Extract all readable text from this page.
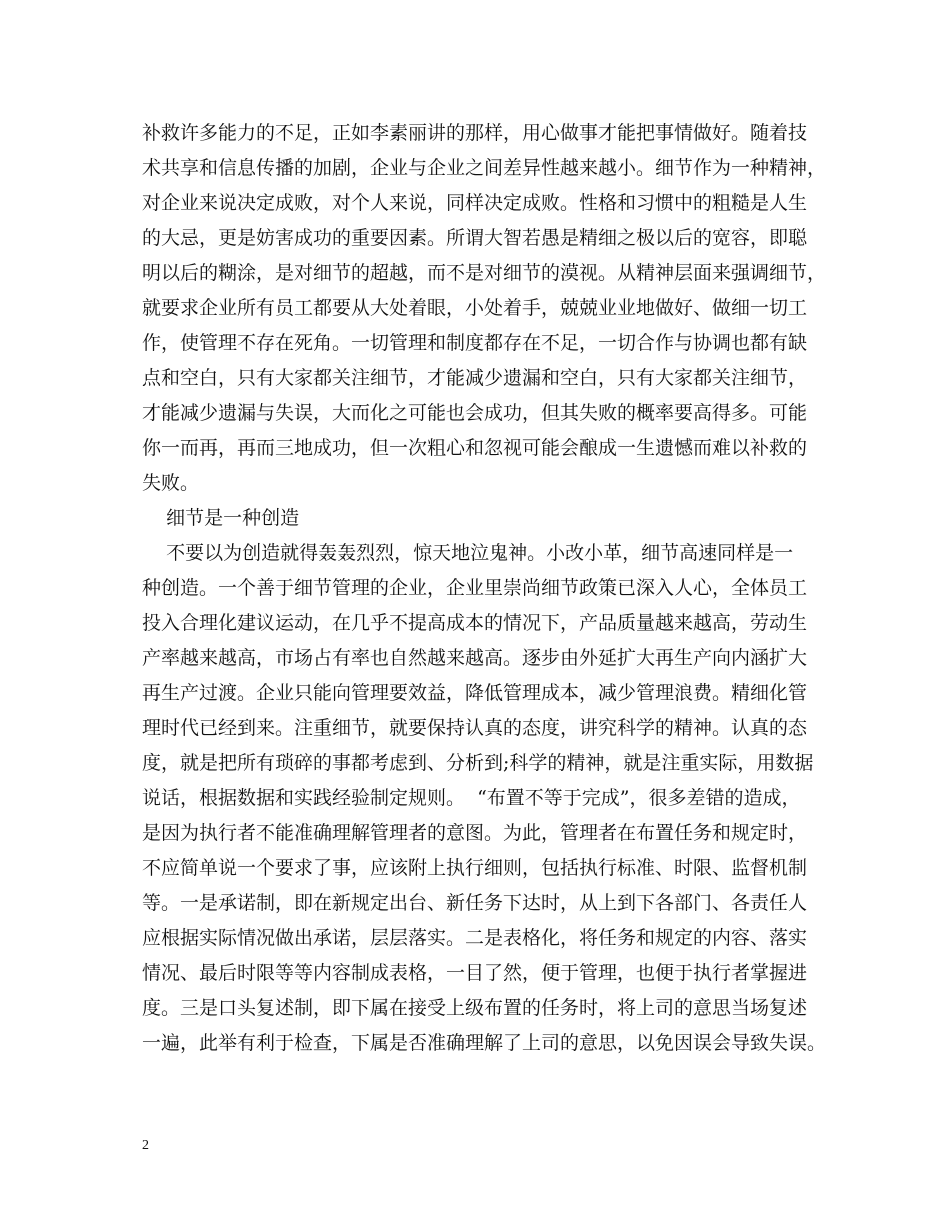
补救许多能力的不足，正如李素丽讲的那样，用心做事才能把事情做好。随着技
术共享和信息传播的加剧，企业与企业之间差异性越来越小。细节作为一种精神，
对企业来说决定成败，对个人来说，同样决定成败。性格和习惯中的粗糙是人生
的大忌，更是妨害成功的重要因素。所谓大智若愚是精细之极以后的宽容，即聪
明以后的糊涂，是对细节的超越，而不是对细节的漠视。从精神层面来强调细节，
就要求企业所有员工都要从大处着眼，小处着手，兢兢业业地做好、做细一切工
作，使管理不存在死角。一切管理和制度都存在不足，一切合作与协调也都有缺
点和空白，只有大家都关注细节，才能减少遗漏和空白，只有大家都关注细节，
才能减少遗漏与失误，大而化之可能也会成功，但其失败的概率要高得多。可能
你一而再，再而三地成功，但一次粗心和忽视可能会酿成一生遗憾而难以补救的
失败。
细节是一种创造
不要以为创造就得轰轰烈烈，惊天地泣鬼神。小改小革，细节高速同样是一
种创造。一个善于细节管理的企业，企业里崇尚细节政策已深入人心，全体员工
投入合理化建议运动，在几乎不提高成本的情况下，产品质量越来越高，劳动生
产率越来越高，市场占有率也自然越来越高。逐步由外延扩大再生产向内涵扩大
再生产过渡。企业只能向管理要效益，降低管理成本，减少管理浪费。精细化管
理时代已经到来。注重细节，就要保持认真的态度，讲究科学的精神。认真的态
度，就是把所有琐碎的事都考虑到、分析到;科学的精神，就是注重实际，用数据
说话，根据数据和实践经验制定规则。  “布置不等于完成”，很多差错的造成，
是因为执行者不能准确理解管理者的意图。为此，管理者在布置任务和规定时，
不应简单说一个要求了事，应该附上执行细则，包括执行标准、时限、监督机制
等。一是承诺制，即在新规定出台、新任务下达时，从上到下各部门、各责任人
应根据实际情况做出承诺，层层落实。二是表格化，将任务和规定的内容、落实
情况、最后时限等等内容制成表格，一目了然，便于管理，也便于执行者掌握进
度。三是口头复述制，即下属在接受上级布置的任务时，将上司的意思当场复述
一遍，此举有利于检查，下属是否准确理解了上司的意思，以免因误会导致失误。
2
